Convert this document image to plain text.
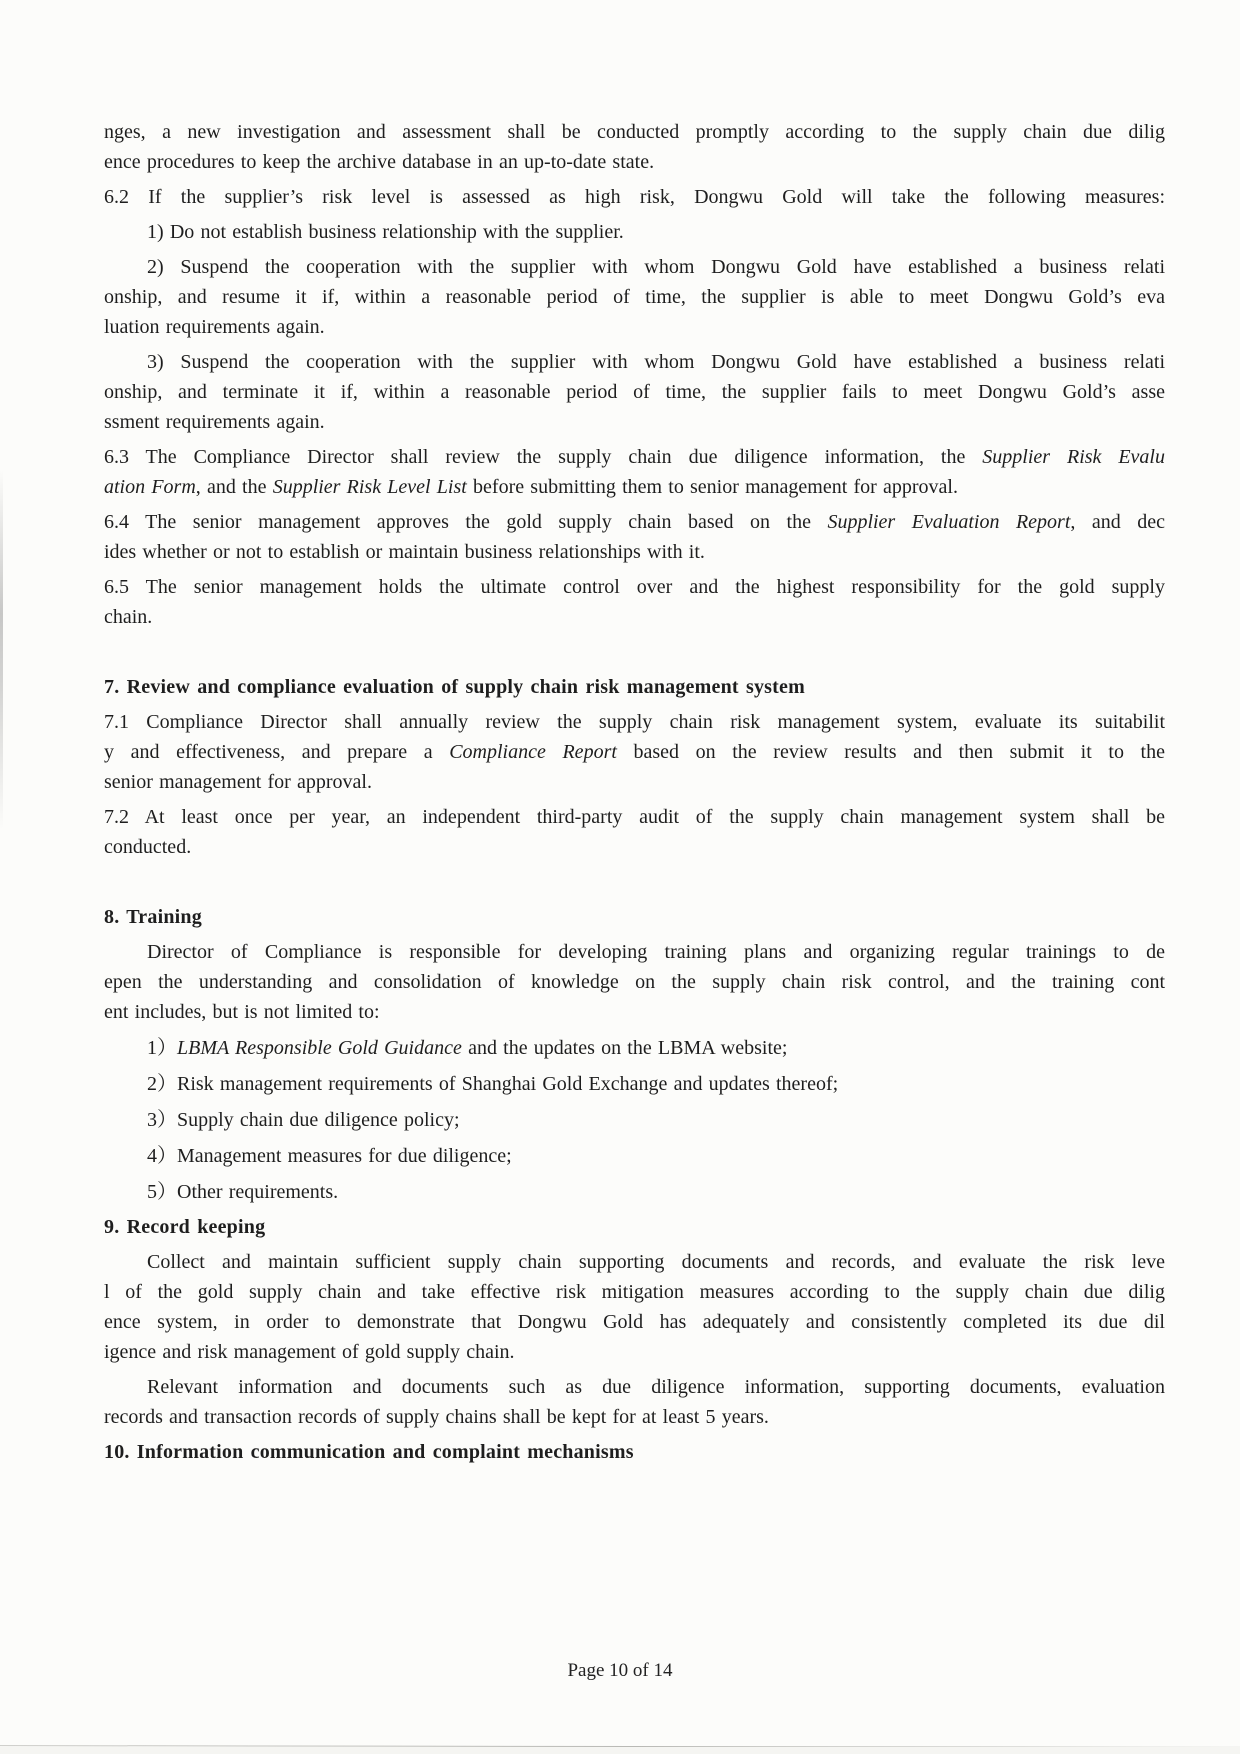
nges, a new investigation and assessment shall be conducted promptly according to the supply chain due dilig
ence procedures to keep the archive database in an up-to-date state.
6.2 If the supplier’s risk level is assessed as high risk, Dongwu Gold will take the following measures:
1) Do not establish business relationship with the supplier.
2) Suspend the cooperation with the supplier with whom Dongwu Gold have established a business relati
onship, and resume it if, within a reasonable period of time, the supplier is able to meet Dongwu Gold’s eva
luation requirements again.
3) Suspend the cooperation with the supplier with whom Dongwu Gold have established a business relati
onship, and terminate it if, within a reasonable period of time, the supplier fails to meet Dongwu Gold’s asse
ssment requirements again.
6.3 The Compliance Director shall review the supply chain due diligence information, the Supplier Risk Evalu
ation Form, and the Supplier Risk Level List before submitting them to senior management for approval.
6.4 The senior management approves the gold supply chain based on the Supplier Evaluation Report, and dec
ides whether or not to establish or maintain business relationships with it.
6.5 The senior management holds the ultimate control over and the highest responsibility for the gold supply
chain.
7. Review and compliance evaluation of supply chain risk management system
7.1 Compliance Director shall annually review the supply chain risk management system, evaluate its suitabilit
y and effectiveness, and prepare a Compliance Report based on the review results and then submit it to the
senior management for approval.
7.2 At least once per year, an independent third-party audit of the supply chain management system shall be
conducted.
8. Training
Director of Compliance is responsible for developing training plans and organizing regular trainings to de
epen the understanding and consolidation of knowledge on the supply chain risk control, and the training cont
ent includes, but is not limited to:
1）LBMA Responsible Gold Guidance and the updates on the LBMA website;
2）Risk management requirements of Shanghai Gold Exchange and updates thereof;
3）Supply chain due diligence policy;
4）Management measures for due diligence;
5）Other requirements.
9. Record keeping
Collect and maintain sufficient supply chain supporting documents and records, and evaluate the risk leve
l of the gold supply chain and take effective risk mitigation measures according to the supply chain due dilig
ence system, in order to demonstrate that Dongwu Gold has adequately and consistently completed its due dil
igence and risk management of gold supply chain.
Relevant information and documents such as due diligence information, supporting documents, evaluation
records and transaction records of supply chains shall be kept for at least 5 years.
10. Information communication and complaint mechanisms
Page 10 of 14
